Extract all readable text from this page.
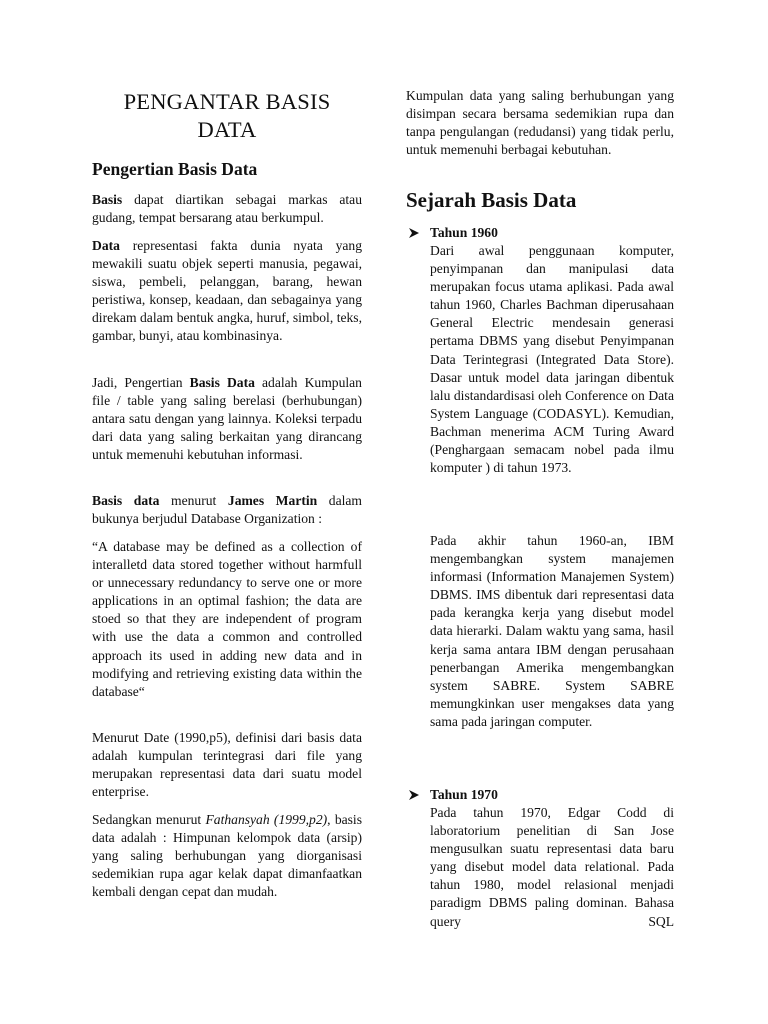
PENGANTAR BASIS DATA
Pengertian Basis Data

Basis dapat diartikan sebagai markas atau gudang, tempat bersarang atau berkumpul.

Data representasi fakta dunia nyata yang mewakili suatu objek seperti manusia, pegawai, siswa, pembeli, pelanggan, barang, hewan peristiwa, konsep, keadaan, dan sebagainya yang direkam dalam bentuk angka, huruf, simbol, teks, gambar, bunyi, atau kombinasinya.

Jadi, Pengertian Basis Data adalah Kumpulan file / table yang saling berelasi (berhubungan) antara satu dengan yang lainnya. Koleksi terpadu dari data yang saling berkaitan yang dirancang untuk memenuhi kebutuhan informasi.

Basis data menurut James Martin dalam bukunya berjudul Database Organization :

“A database may be defined as a collection of interalletd data stored together without harmfull or unnecessary redundancy to serve one or more applications in an optimal fashion; the data are stoed so that they are independent of program with use the data a common and controlled approach its used in adding new data and in modifying and retrieving existing data within the database“

Menurut Date (1990,p5), definisi dari basis data adalah kumpulan terintegrasi dari file yang merupakan representasi data dari suatu model enterprise.

Sedangkan menurut Fathansyah (1999,p2), basis data adalah : Himpunan kelompok data (arsip) yang saling berhubungan yang diorganisasi sedemikian rupa agar kelak dapat dimanfaatkan kembali dengan cepat dan mudah.

Kumpulan data yang saling berhubungan yang disimpan secara bersama sedemikian rupa dan tanpa pengulangan (redudansi) yang tidak perlu, untuk memenuhi berbagai kebutuhan.

Sejarah Basis Data
Tahun 1960

Dari awal penggunaan komputer, penyimpanan dan manipulasi data merupakan focus utama aplikasi. Pada awal tahun 1960, Charles Bachman diperusahaan General Electric mendesain generasi pertama DBMS yang disebut Penyimpanan Data Terintegrasi (Integrated Data Store). Dasar untuk model data jaringan dibentuk lalu distandardisasi oleh Conference on Data System Language (CODASYL). Kemudian, Bachman menerima ACM Turing Award (Penghargaan semacam nobel pada ilmu komputer ) di tahun 1973.

Pada akhir tahun 1960-an, IBM mengembangkan system manajemen informasi (Information Manajemen System) DBMS. IMS dibentuk dari representasi data pada kerangka kerja yang disebut model data hierarki. Dalam waktu yang sama, hasil kerja sama antara IBM dengan perusahaan penerbangan Amerika mengembangkan system SABRE. System SABRE memungkinkan user mengakses data yang sama pada jaringan computer.

Tahun 1970

Pada tahun 1970, Edgar Codd di laboratorium penelitian di San Jose mengusulkan suatu representasi data baru yang disebut model data relational. Pada tahun 1980, model relasional menjadi paradigm DBMS paling dominan. Bahasa query SQL
